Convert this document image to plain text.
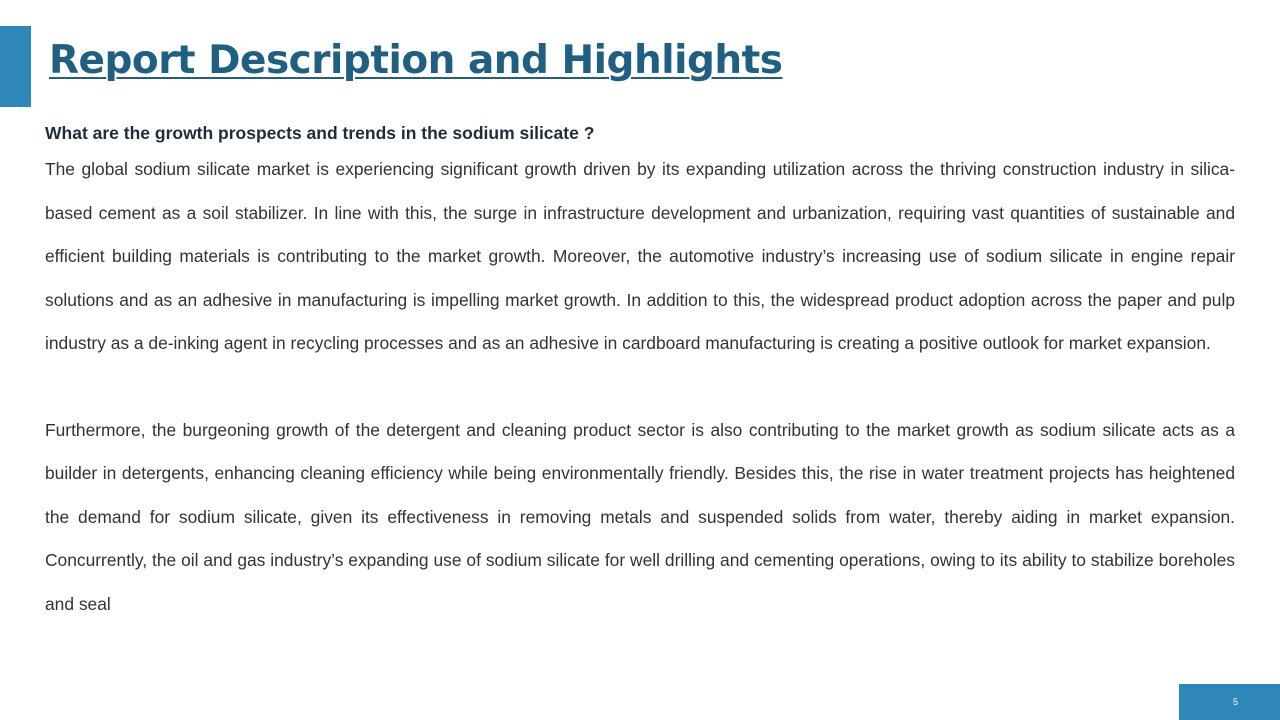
Report Description and Highlights

What are the growth prospects and trends in the sodium silicate ?

The global sodium silicate market is experiencing significant growth driven by its expanding utilization across the thriving construction industry in silica-based cement as a soil stabilizer. In line with this, the surge in infrastructure development and urbanization, requiring vast quantities of sustainable and efficient building materials is contributing to the market growth. Moreover, the automotive industry’s increasing use of sodium silicate in engine repair solutions and as an adhesive in manufacturing is impelling market growth. In addition to this, the widespread product adoption across the paper and pulp industry as a de-inking agent in recycling processes and as an adhesive in cardboard manufacturing is creating a positive outlook for market expansion.

Furthermore, the burgeoning growth of the detergent and cleaning product sector is also contributing to the market growth as sodium silicate acts as a builder in detergents, enhancing cleaning efficiency while being environmentally friendly. Besides this, the rise in water treatment projects has heightened the demand for sodium silicate, given its effectiveness in removing metals and suspended solids from water, thereby aiding in market expansion. Concurrently, the oil and gas industry’s expanding use of sodium silicate for well drilling and cementing operations, owing to its ability to stabilize boreholes and seal

5
